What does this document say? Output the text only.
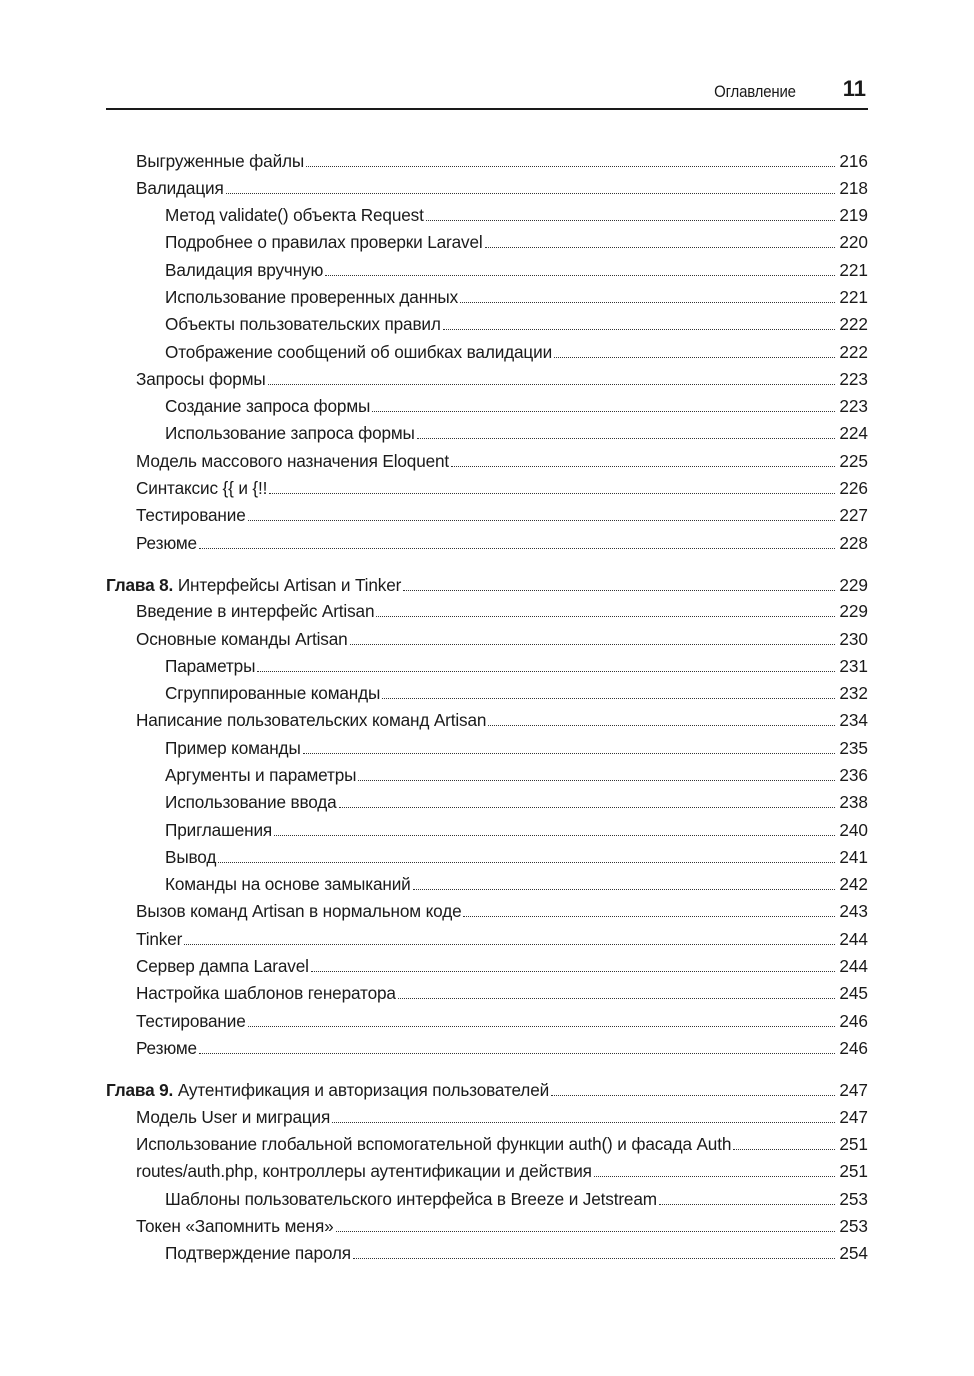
Оглавление 11
Выгруженные файлы	216
Валидация	218
Метод validate() объекта Request	219
Подробнее о правилах проверки Laravel	220
Валидация вручную	221
Использование проверенных данных	221
Объекты пользовательских правил	222
Отображение сообщений об ошибках валидации	222
Запросы формы	223
Создание запроса формы	223
Использование запроса формы	224
Модель массового назначения Eloquent	225
Синтаксис {{ и {!!	226
Тестирование	227
Резюме	228
Глава 8. Интерфейсы Artisan и Tinker	229
Введение в интерфейс Artisan	229
Основные команды Artisan	230
Параметры	231
Сгруппированные команды	232
Написание пользовательских команд Artisan	234
Пример команды	235
Аргументы и параметры	236
Использование ввода	238
Приглашения	240
Вывод	241
Команды на основе замыканий	242
Вызов команд Artisan в нормальном коде	243
Tinker	244
Сервер дампа Laravel	244
Настройка шаблонов генератора	245
Тестирование	246
Резюме	246
Глава 9. Аутентификация и авторизация пользователей	247
Модель User и миграция	247
Использование глобальной вспомогательной функции auth() и фасада Auth	251
routes/auth.php, контроллеры аутентификации и действия	251
Шаблоны пользовательского интерфейса в Breeze и Jetstream	253
Токен «Запомнить меня»	253
Подтверждение пароля	254
